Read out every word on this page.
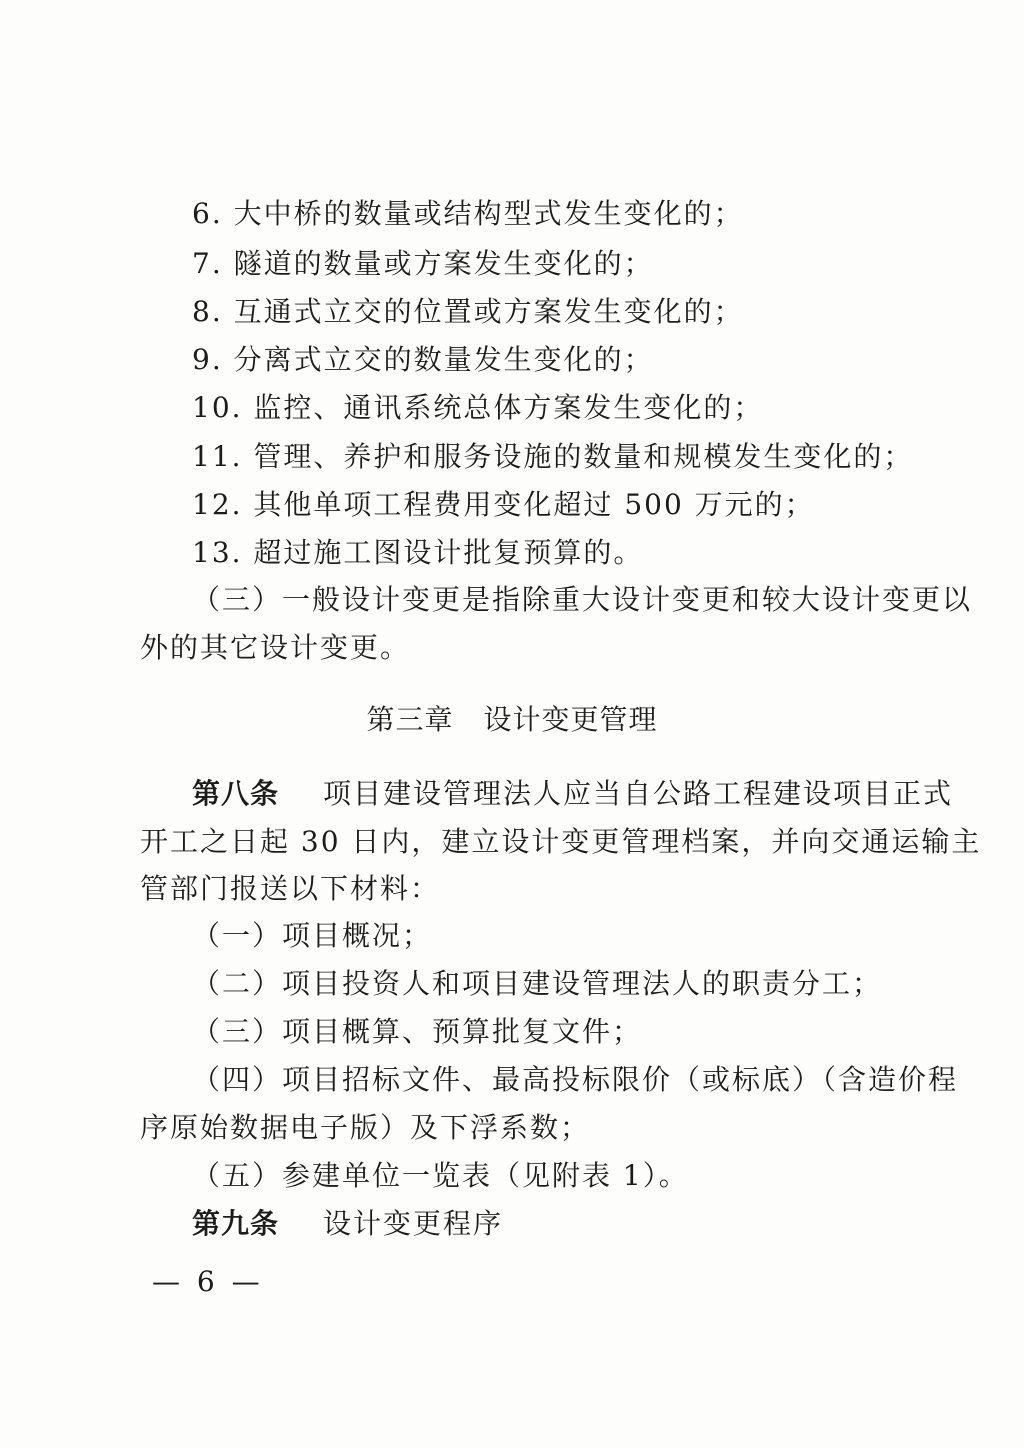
6. 大中桥的数量或结构型式发生变化的；
7. 隧道的数量或方案发生变化的；
8. 互通式立交的位置或方案发生变化的；
9. 分离式立交的数量发生变化的；
10. 监控、通讯系统总体方案发生变化的；
11. 管理、养护和服务设施的数量和规模发生变化的；
12. 其他单项工程费用变化超过 500 万元的；
13. 超过施工图设计批复预算的。
（三）一般设计变更是指除重大设计变更和较大设计变更以
外的其它设计变更。
第三章 设计变更管理
第八条 项目建设管理法人应当自公路工程建设项目正式
开工之日起 30 日内，建立设计变更管理档案，并向交通运输主
管部门报送以下材料：
（一）项目概况；
（二）项目投资人和项目建设管理法人的职责分工；
（三）项目概算、预算批复文件；
（四）项目招标文件、最高投标限价（或标底）（含造价程
序原始数据电子版）及下浮系数；
（五）参建单位一览表（见附表 1）。
第九条 设计变更程序
— 6 —
